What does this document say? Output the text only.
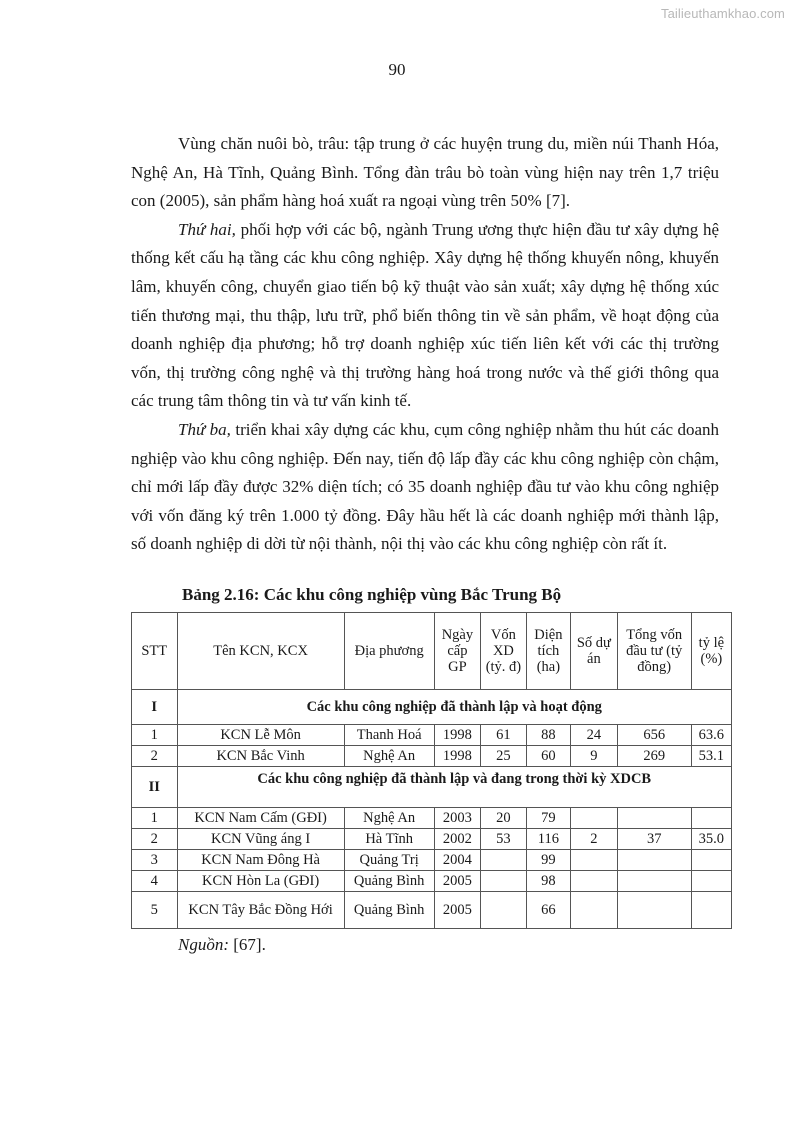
Tailieuthamkhao.com
90

Vùng chăn nuôi bò, trâu: tập trung ở các huyện trung du, miền núi Thanh Hóa, Nghệ An, Hà Tĩnh, Quảng Bình. Tổng đàn trâu bò toàn vùng hiện nay trên 1,7 triệu con (2005), sản phẩm hàng hoá xuất ra ngoại vùng trên 50% [7].

Thứ hai, phối hợp với các bộ, ngành Trung ương thực hiện đầu tư xây dựng hệ thống kết cấu hạ tầng các khu công nghiệp. Xây dựng hệ thống khuyến nông, khuyến lâm, khuyến công, chuyển giao tiến bộ kỹ thuật vào sản xuất; xây dựng hệ thống xúc tiến thương mại, thu thập, lưu trữ, phổ biến thông tin về sản phẩm, về hoạt động của doanh nghiệp địa phương; hỗ trợ doanh nghiệp xúc tiến liên kết với các thị trường vốn, thị trường công nghệ và thị trường hàng hoá trong nước và thế giới thông qua các trung tâm thông tin và tư vấn kinh tế.

Thứ ba, triển khai xây dựng các khu, cụm công nghiệp nhằm thu hút các doanh nghiệp vào khu công nghiệp. Đến nay, tiến độ lấp đầy các khu công nghiệp còn chậm, chỉ mới lấp đầy được 32% diện tích; có 35 doanh nghiệp đầu tư vào khu công nghiệp với vốn đăng ký trên 1.000 tỷ đồng. Đây hầu hết là các doanh nghiệp mới thành lập, số doanh nghiệp di dời từ nội thành, nội thị vào các khu công nghiệp còn rất ít.

Bảng 2.16: Các khu công nghiệp vùng Bắc Trung Bộ
STT	Tên KCN, KCX	Địa phương	Ngày cấp GP	Vốn XD (tỷ. đ)	Diện tích (ha)	Số dự án	Tổng vốn đầu tư (tỷ đồng)	tỷ lệ (%)
I	Các khu công nghiệp đã thành lập và hoạt động							
1	KCN Lễ Môn	Thanh Hoá	1998	61	88	24	656	63.6
2	KCN Bắc Vinh	Nghệ An	1998	25	60	9	269	53.1
II	Các khu công nghiệp đã thành lập và đang trong thời kỳ XDCB							
1	KCN Nam Cấm (GĐI)	Nghệ An	2003	20	79			
2	KCN Vũng áng I	Hà Tĩnh	2002	53	116	2	37	35.0
3	KCN Nam Đông Hà	Quảng Trị	2004		99			
4	KCN Hòn La (GĐI)	Quảng Bình	2005		98			
5	KCN Tây Bắc Đồng Hới	Quảng Bình	2005		66			
Nguồn: [67].
